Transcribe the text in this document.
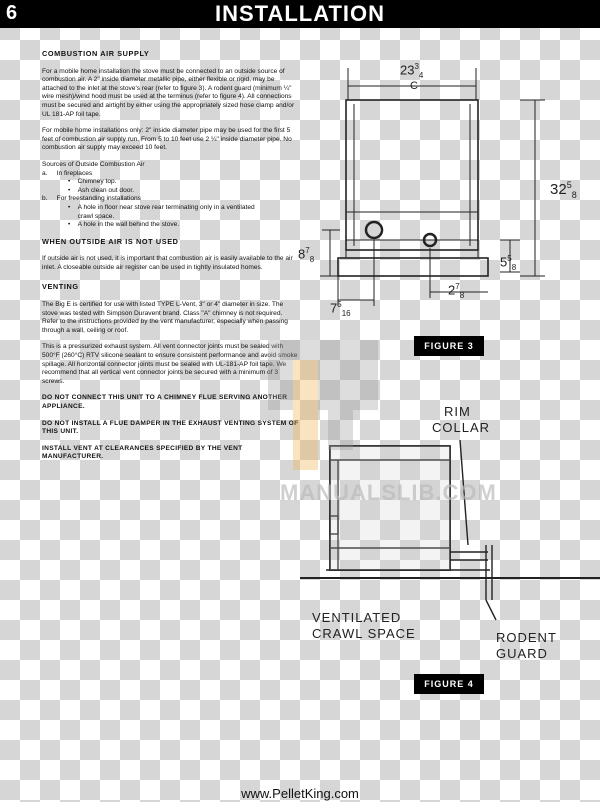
6	INSTALLATION
COMBUSTION AIR SUPPLY
For a mobile home installation the stove must be connected to an outside source of combustion air. A 2" inside diameter metallic pipe, either flexible or rigid, may be attached to the inlet at the stove's rear (refer to figure 3). A rodent guard (minimum ¼" wire mesh)/wind hood must be used at the terminus (refer to figure 4). All connections must be secured and airtight by either using the appropriately sized hose clamp and/or UL 181-AP foil tape.
For mobile home installations only: 2" inside diameter pipe may be used for the first 5 feet of combustion air supply run. From 5 to 10 feet use 2 ¼" inside diameter pipe. No combustion air supply may exceed 10 feet.
Sources of Outside Combustion Air
a. In fireplaces
•    Chimney top.
•    Ash clean out door.
b. For freestanding installations
• A hole in floor near stove rear terminating only in a ventilated crawl space.
•    A hole in the wall behind the stove.
WHEN OUTSIDE AIR IS NOT USED
If outside air is not used, it is important that combustion air is easily available to the air inlet. A closeable outside air register can be used in tightly insulated homes.
VENTING
The Big E is certified for use with listed TYPE L-Vent, 3" or 4" diameter in size. The stove was tested with Simpson Duravent brand. Class "A" chimney is not required. Refer to the instructions provided by the vent manufacturer, especially when passing through a wall, ceiling or roof.
This is a pressurized exhaust system. All vent connector joints must be sealed with 500°F (260°C) RTV silicone sealant to ensure consistent performance and avoid smoke spillage. All horizontal connector joints must be sealed with UL-181-AP foil tape. We recommend that all vertical vent connector joints be secured with a minimum of 3 screws.
DO NOT CONNECT THIS UNIT TO A CHIMNEY FLUE SERVING ANOTHER APPLIANCE.
DO NOT INSTALL A FLUE DAMPER IN THE EXHAUST VENTING SYSTEM OF THIS UNIT.
INSTALL VENT AT CLEARANCES SPECIFIED BY THE VENT MANUFACTURER.
$23^3_4$
C
$32^5_8$
$8^7_8$	$5^5_8$
$7^5_{16}$
$2^7_8$
FIGURE 3
RIM
COLLAR
VENTILATED
CRAWL SPACE	RODENT
GUARD
FIGURE 4
MANUALSLIB.COM
www.PelletKing.com
